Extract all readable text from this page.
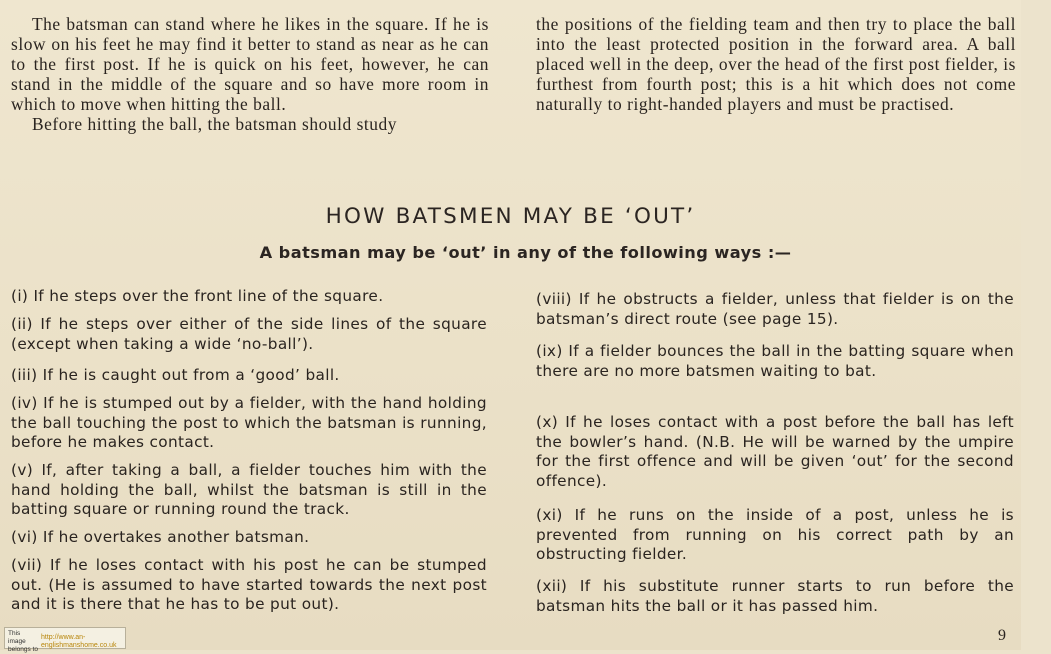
The batsman can stand where he likes in the square. If he is slow on his feet he may find it better to stand as near as he can to the first post. If he is quick on his feet, however, he can stand in the middle of the square and so have more room in which to move when hitting the ball.

Before hitting the ball, the batsman should study

the positions of the fielding team and then try to place the ball into the least protected position in the forward area. A ball placed well in the deep, over the head of the first post fielder, is furthest from fourth post; this is a hit which does not come naturally to right-handed players and must be practised.

HOW BATSMEN MAY BE ‘OUT’
A batsman may be ‘out’ in any of the following ways :—

(i) If he steps over the front line of the square.

(ii) If he steps over either of the side lines of the square (except when taking a wide ‘no-ball’).

(iii) If he is caught out from a ‘good’ ball.

(iv) If he is stumped out by a fielder, with the hand holding the ball touching the post to which the batsman is running, before he makes contact.

(v) If, after taking a ball, a fielder touches him with the hand holding the ball, whilst the batsman is still in the batting square or running round the track.

(vi) If he overtakes another batsman.

(vii) If he loses contact with his post he can be stumped out. (He is assumed to have started towards the next post and it is there that he has to be put out).

(viii) If he obstructs a fielder, unless that fielder is on the batsman’s direct route (see page 15).

(ix) If a fielder bounces the ball in the batting square when there are no more batsmen waiting to bat.

(x) If he loses contact with a post before the ball has left the bowler’s hand. (N.B. He will be warned by the umpire for the first offence and will be given ‘out’ for the second offence).

(xi) If he runs on the inside of a post, unless he is prevented from running on his correct path by an obstructing fielder.

(xii) If his substitute runner starts to run before the batsman hits the ball or it has passed him.

This image belongs to
http://www.an-englishmanshome.co.uk
9
